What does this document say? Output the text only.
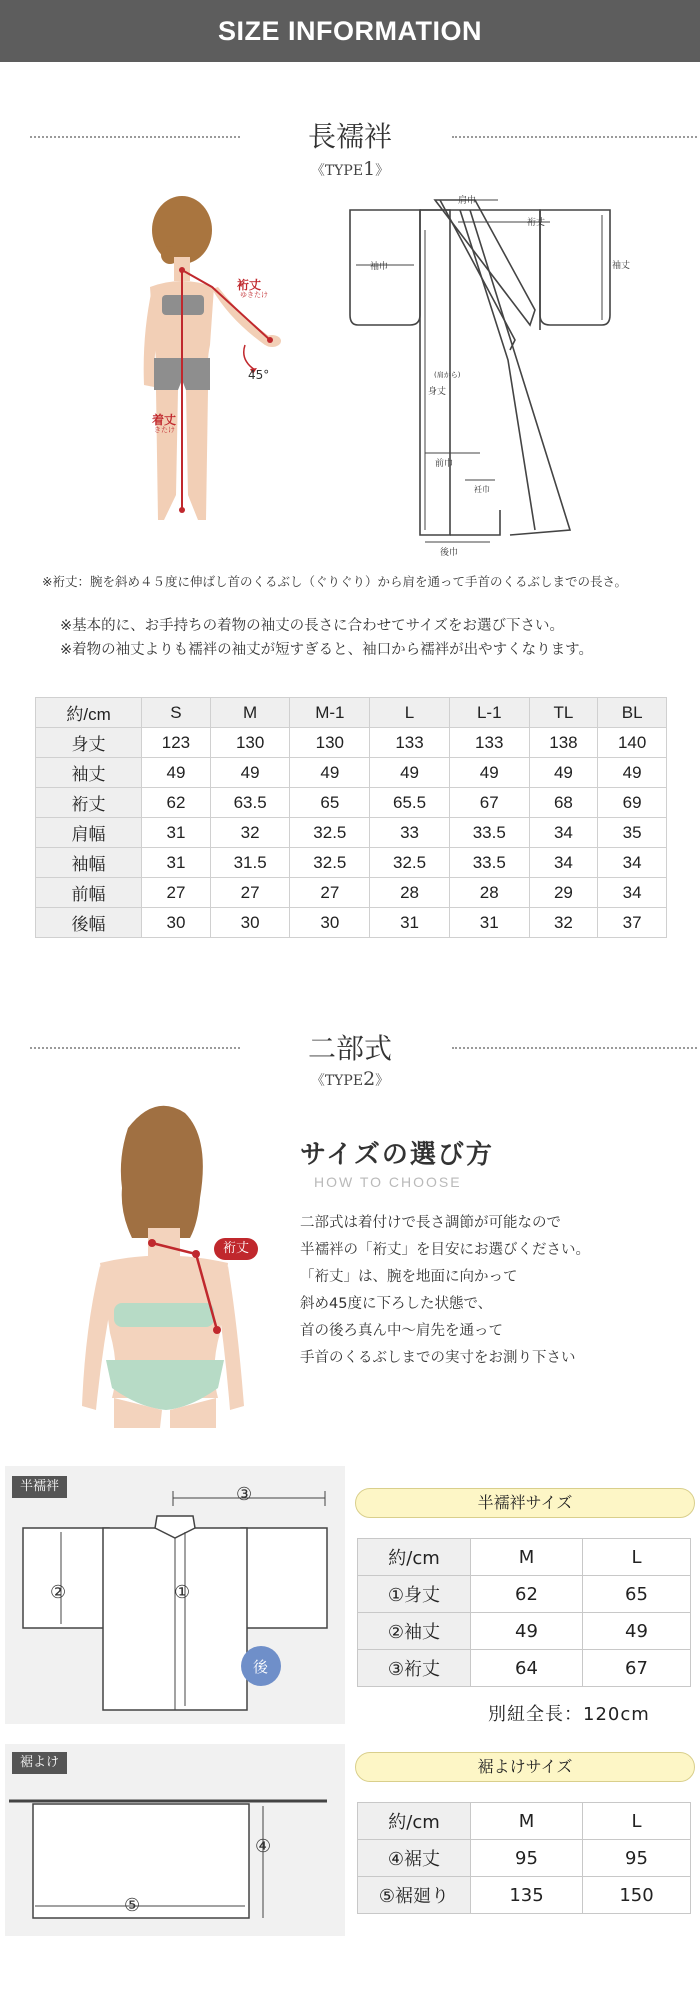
SIZE INFORMATION
長襦袢
《TYPE1》
裄丈
ゆきたけ
45°
着丈
きたけ
肩巾
裄丈
袖巾	袖丈
身丈
(肩から)
前巾
衽巾
後巾
※裄丈：腕を斜め４５度に伸ばし首のくるぶし（ぐりぐり）から肩を通って手首のくるぶしまでの長さ。
※基本的に、お手持ちの着物の袖丈の長さに合わせてサイズをお選び下さい。
※着物の袖丈よりも襦袢の袖丈が短すぎると、袖口から襦袢が出やすくなります。
約/cm	S	M	M-1	L	L-1	TL	BL
身丈	123	130	130	133	133	138	140
袖丈	49	49	49	49	49	49	49
裄丈	62	63.5	65	65.5	67	68	69
肩幅	31	32	32.5	33	33.5	34	35
袖幅	31	31.5	32.5	32.5	33.5	34	34
前幅	27	27	27	28	28	29	34
後幅	30	30	30	31	31	32	37
二部式
《TYPE2》
裄丈
サイズの選び方
HOW TO CHOOSE
二部式は着付けで長さ調節が可能なので
半襦袢の「裄丈」を目安にお選びください。
「裄丈」は、腕を地面に向かって
斜め45度に下ろした状態で、
首の後ろ真ん中～肩先を通って
手首のくるぶしまでの実寸をお測り下さい
半襦袢	③
②	①
後
半襦袢サイズ
約/cm	M	L
①身丈	62	65
②袖丈	49	49
③裄丈	64	67
別紐全長：120cm
裾よけ
④
⑤
裾よけサイズ
約/cm	M	L
④裾丈	95	95
⑤裾廻り	135	150
